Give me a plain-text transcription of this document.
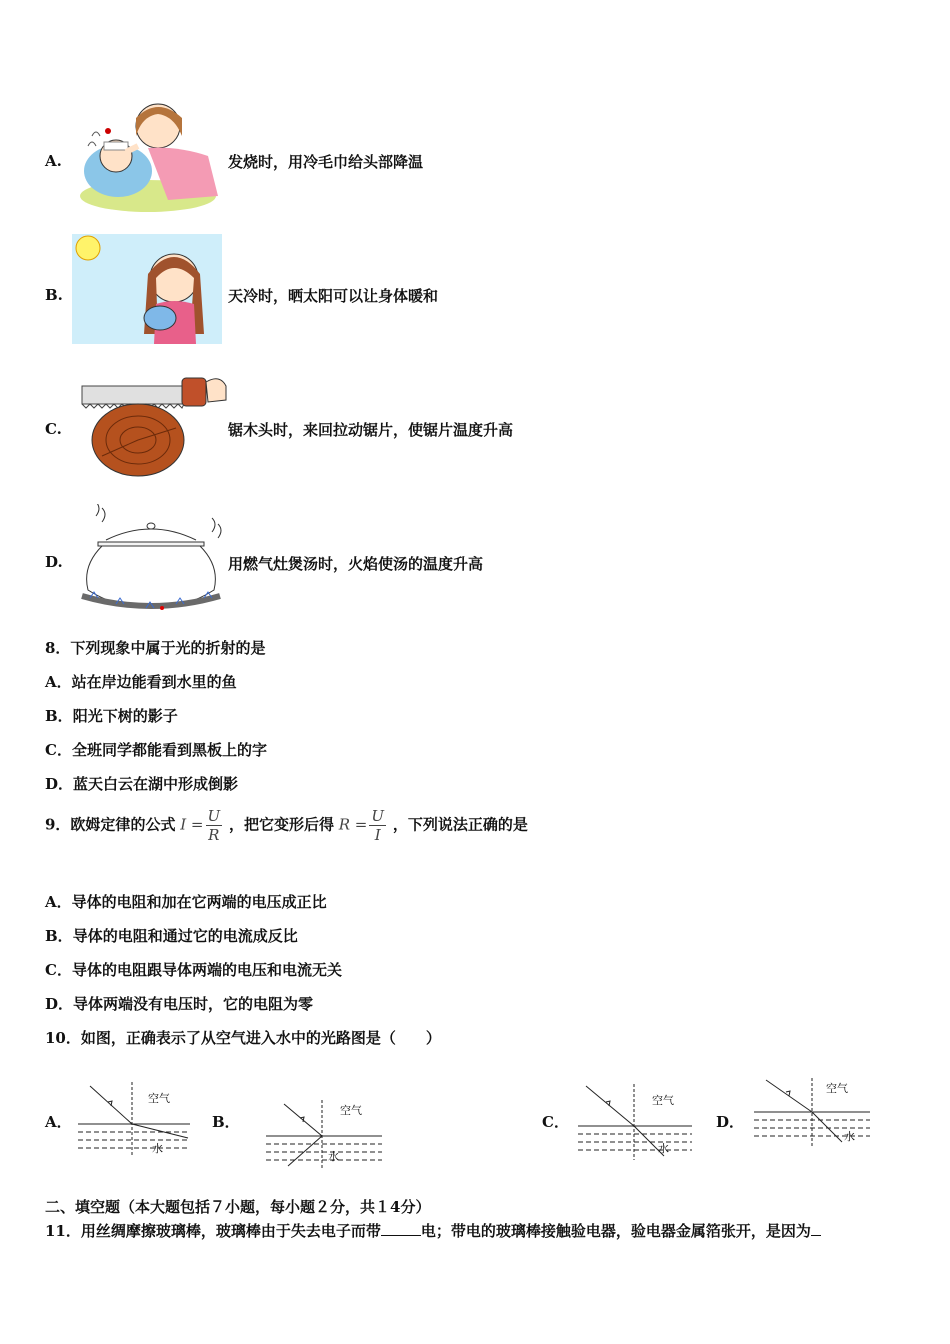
A.	发烧时，用冷毛巾给头部降温
B.	天冷时，晒太阳可以让身体暖和
C.	锯木头时，来回拉动锯片，使锯片温度升高
D.	用燃气灶煲汤时，火焰使汤的温度升高
8．下列现象中属于光的折射的是
A．站在岸边能看到水里的鱼
B．阳光下树的影子
C．全班同学都能看到黑板上的字
D．蓝天白云在湖中形成倒影
9．欧姆定律的公式 $I = \frac{U}{R}$ ，把它变形后得 $R = \frac{U}{I}$ ，下列说法正确的是
A．导体的电阻和加在它两端的电压成正比
B．导体的电阻和通过它的电流成反比
C．导体的电阻跟导体两端的电压和电流无关
D．导体两端没有电压时，它的电阻为零
10．如图，正确表示了从空气进入水中的光路图是（　　）
A．
空气
水
B．
空气
水
C．
空气
水
D．
空气
水
二、填空题（本大题包括７小题，每小题２分，共１4分）
11．用丝绸摩擦玻璃棒，玻璃棒由于失去电子而带	电；带电的玻璃棒接触验电器，验电器金属箔张开，是因为
